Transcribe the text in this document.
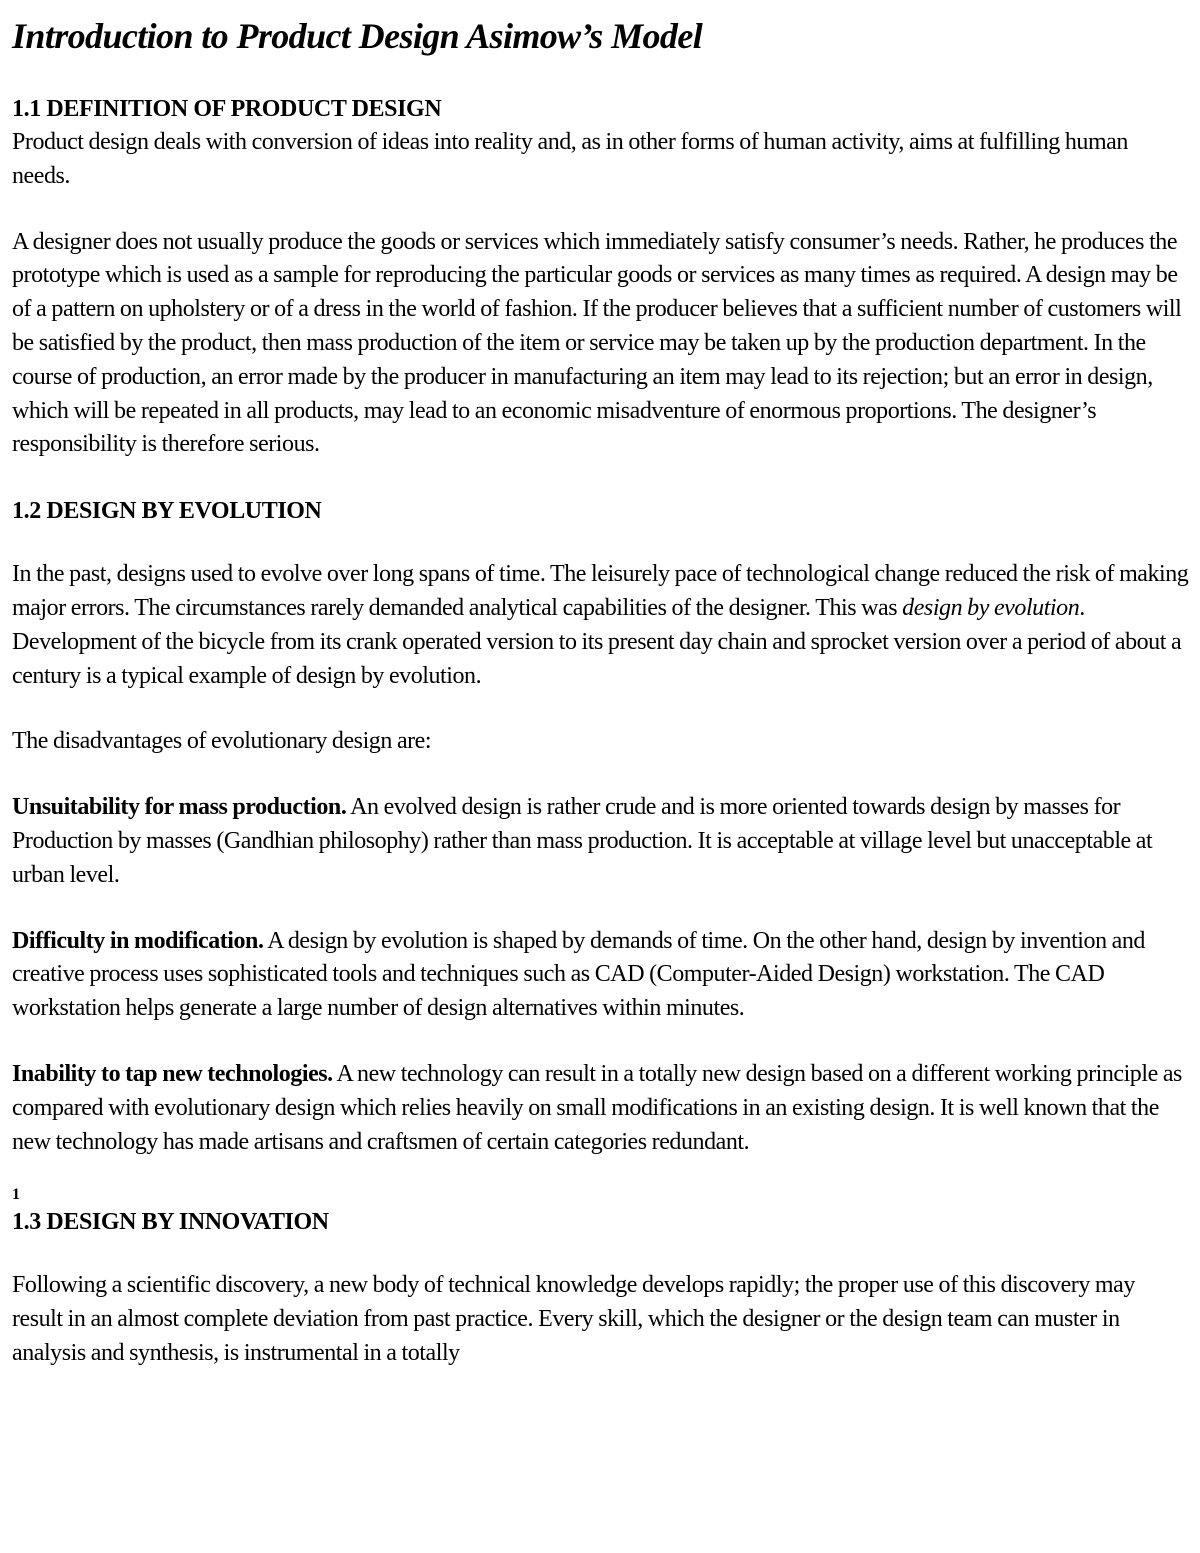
Introduction to Product Design Asimow’s Model
1.1 DEFINITION OF PRODUCT DESIGN

Product design deals with conversion of ideas into reality and, as in other forms of human activity, aims at fulfilling human needs.

A designer does not usually produce the goods or services which immediately satisfy consumer’s needs. Rather, he produces the prototype which is used as a sample for reproducing the particular goods or services as many times as required. A design may be of a pattern on upholstery or of a dress in the world of fashion. If the producer believes that a sufficient number of customers will be satisfied by the product, then mass production of the item or service may be taken up by the production department. In the course of production, an error made by the producer in manufacturing an item may lead to its rejection; but an error in design, which will be repeated in all products, may lead to an economic misadventure of enormous proportions. The designer’s responsibility is therefore serious.

1.2 DESIGN BY EVOLUTION

In the past, designs used to evolve over long spans of time. The leisurely pace of technological change reduced the risk of making major errors. The circumstances rarely demanded analytical capabilities of the designer. This was design by evolution. Development of the bicycle from its crank operated version to its present day chain and sprocket version over a period of about a century is a typical example of design by evolution.

The disadvantages of evolutionary design are:

Unsuitability for mass production. An evolved design is rather crude and is more oriented towards design by masses for Production by masses (Gandhian philosophy) rather than mass production. It is acceptable at village level but unacceptable at urban level.

Difficulty in modification. A design by evolution is shaped by demands of time. On the other hand, design by invention and creative process uses sophisticated tools and techniques such as CAD (Computer-Aided Design) workstation. The CAD workstation helps generate a large number of design alternatives within minutes.

Inability to tap new technologies. A new technology can result in a totally new design based on a different working principle as compared with evolutionary design which relies heavily on small modifications in an existing design. It is well known that the new technology has made artisans and craftsmen of certain categories redundant.

1
1.3 DESIGN BY INNOVATION

Following a scientific discovery, a new body of technical knowledge develops rapidly; the proper use of this discovery may result in an almost complete deviation from past practice. Every skill, which the designer or the design team can muster in analysis and synthesis, is instrumental in a totally
